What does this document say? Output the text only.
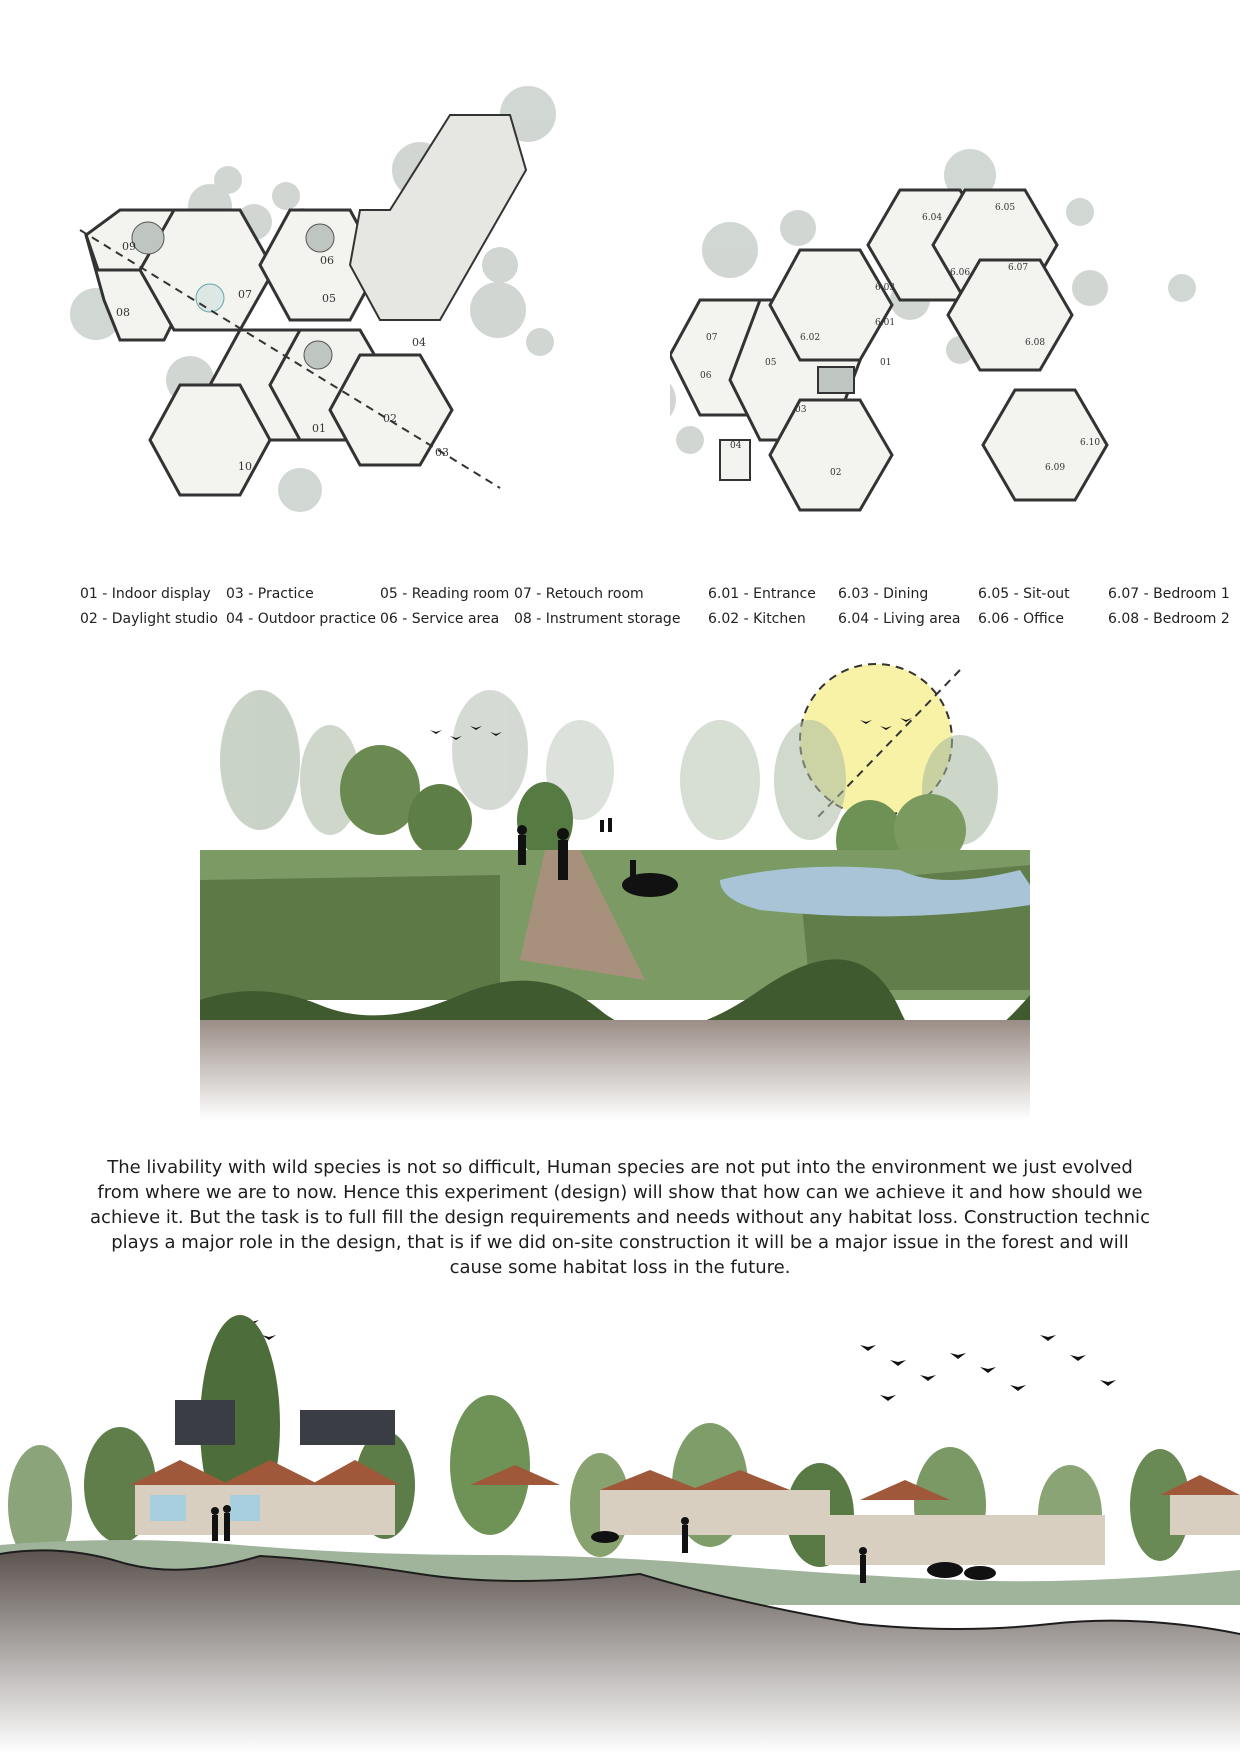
09
08
07
06
05
04
01
02
03
10
6.04
6.05
6.06	6.07
6.03
6.02
6.01
6.08
07
06
05
03
04
02
01
6.10
6.09
01 - Indoor display
02 - Daylight studio
03 - Practice
04 - Outdoor practice
05 - Reading room
06 - Service area
07 - Retouch room
08 - Instrument storage
6.01 - Entrance
6.02 - Kitchen
6.03 - Dining
6.04 - Living area
6.05 - Sit-out
6.06 - Office
6.07 - Bedroom 1
6.08 - Bedroom 2

The livability with wild species is not so difficult, Human species are not put into the environment we just evolved from where we are to now. Hence this experiment (design) will show that how can we achieve it and how should we achieve it. But the task is to full fill the design requirements and needs without any habitat loss. Construction technic plays a major role in the design, that is if we did on-site construction it will be a major issue in the forest and will cause some habitat loss in the future.
